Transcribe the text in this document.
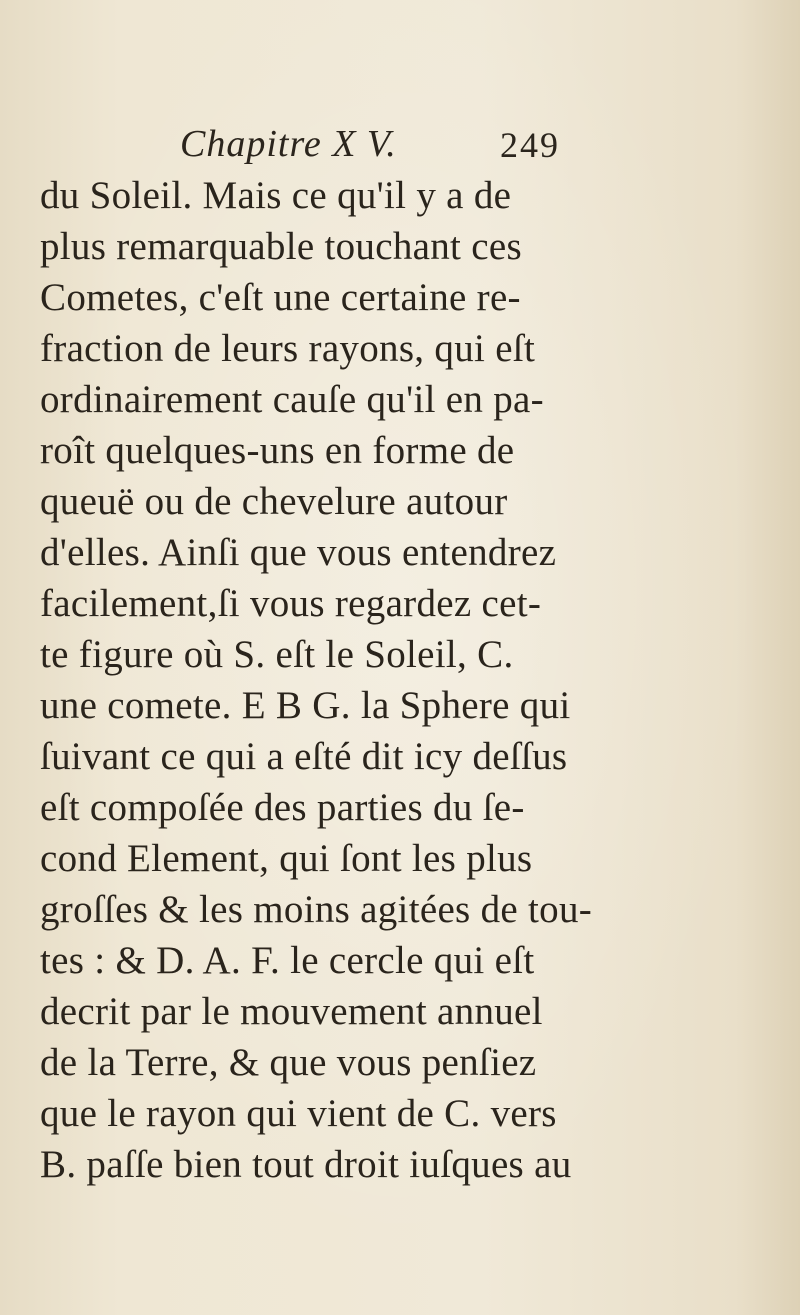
Chapitre X V.	249
du Soleil. Mais ce qu'il y a de
plus remarquable touchant ces
Cometes, c'eſt une certaine re-
fraction de leurs rayons, qui eſt
ordinairement cauſe qu'il en pa-
roît quelques-uns en forme de
queuë ou de chevelure autour
d'elles. Ainſi que vous entendrez
facilement,ſi vous regardez cet-
te figure où S. eſt le Soleil, C.
une comete. E B G. la Sphere qui
ſuivant ce qui a eſté dit icy deſſus
eſt compoſée des parties du ſe-
cond Element, qui ſont les plus
groſſes & les moins agitées de tou-
tes : & D. A. F. le cercle qui eſt
decrit par le mouvement annuel
de la Terre, & que vous penſiez
que le rayon qui vient de C. vers
B. paſſe bien tout droit iuſques au
